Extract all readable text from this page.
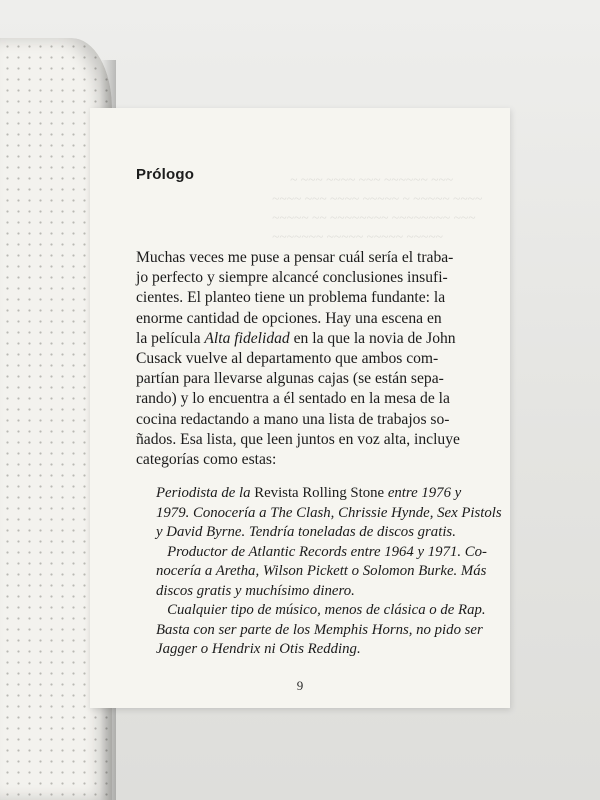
~ ~~~ ~~~~ ~~~ ~~~~~~ ~~~
~~~~ ~~~ ~~~~ ~~~~~ ~ ~~~~~ ~~~~
~~~~~ ~~ ~~~~~~~~ ~~~~~~~~ ~~~
~~~~~~~ ~~~~~ ~~~~~ ~~~~~
Prólogo
Muchas veces me puse a pensar cuál sería el traba-
jo perfecto y siempre alcancé conclusiones insufi-
cientes. El planteo tiene un problema fundante: la
enorme cantidad de opciones. Hay una escena en
la película Alta fidelidad en la que la novia de John
Cusack vuelve al departamento que ambos com-
partían para llevarse algunas cajas (se están sepa-
rando) y lo encuentra a él sentado en la mesa de la
cocina redactando a mano una lista de trabajos so-
ñados. Esa lista, que leen juntos en voz alta, incluye
categorías como estas:
Periodista de la Revista Rolling Stone entre 1976 y
1979. Conocería a The Clash, Chrissie Hynde, Sex Pistols
y David Byrne. Tendría toneladas de discos gratis.
Productor de Atlantic Records entre 1964 y 1971. Co-
nocería a Aretha, Wilson Pickett o Solomon Burke. Más
discos gratis y muchísimo dinero.
Cualquier tipo de músico, menos de clásica o de Rap.
Basta con ser parte de los Memphis Horns, no pido ser
Jagger o Hendrix ni Otis Redding.
9
